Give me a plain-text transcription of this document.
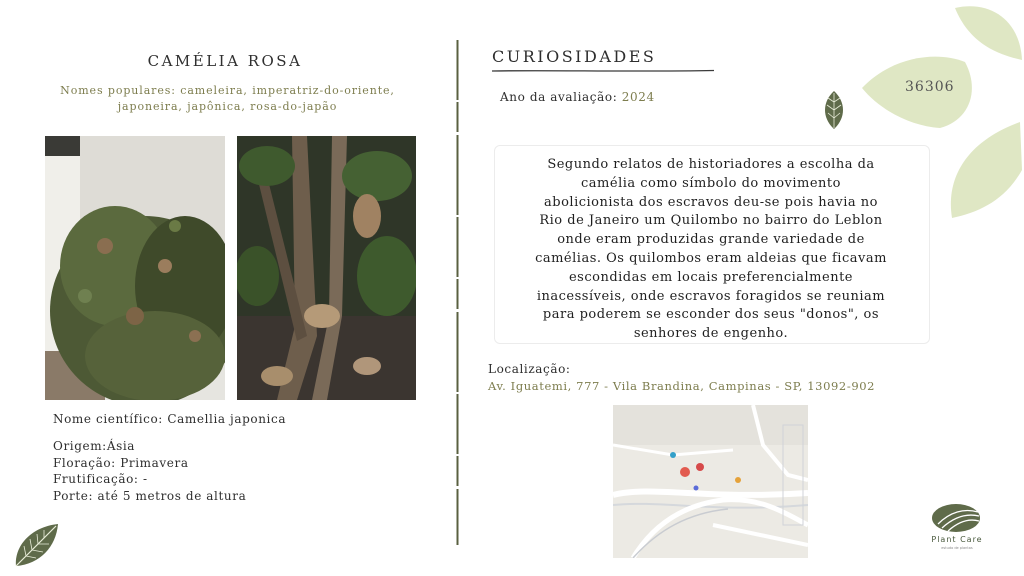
36306
CAMÉLIA ROSA
Nomes populares: cameleira, imperatriz-do-oriente,
japoneira, japônica, rosa-do-japão
Nome científico: Camellia japonica
Origem:Ásia
Floração: Primavera
Frutificação: -
Porte: até 5 metros de altura
CURIOSIDADES
Ano da avaliação: 2024
Segundo relatos de historiadores a escolha da
camélia como símbolo do movimento
abolicionista dos escravos deu-se pois havia no
Rio de Janeiro um Quilombo no bairro do Leblon
onde eram produzidas grande variedade de
camélias. Os quilombos eram aldeias que ficavam
escondidas em locais preferencialmente
inacessíveis, onde escravos foragidos se reuniam
para poderem se esconder dos seus "donos", os
senhores de engenho.
Localização:
Av. Iguatemi, 777 - Vila Brandina, Campinas - SP, 13092-902
Plant Care
estudo de plantas
